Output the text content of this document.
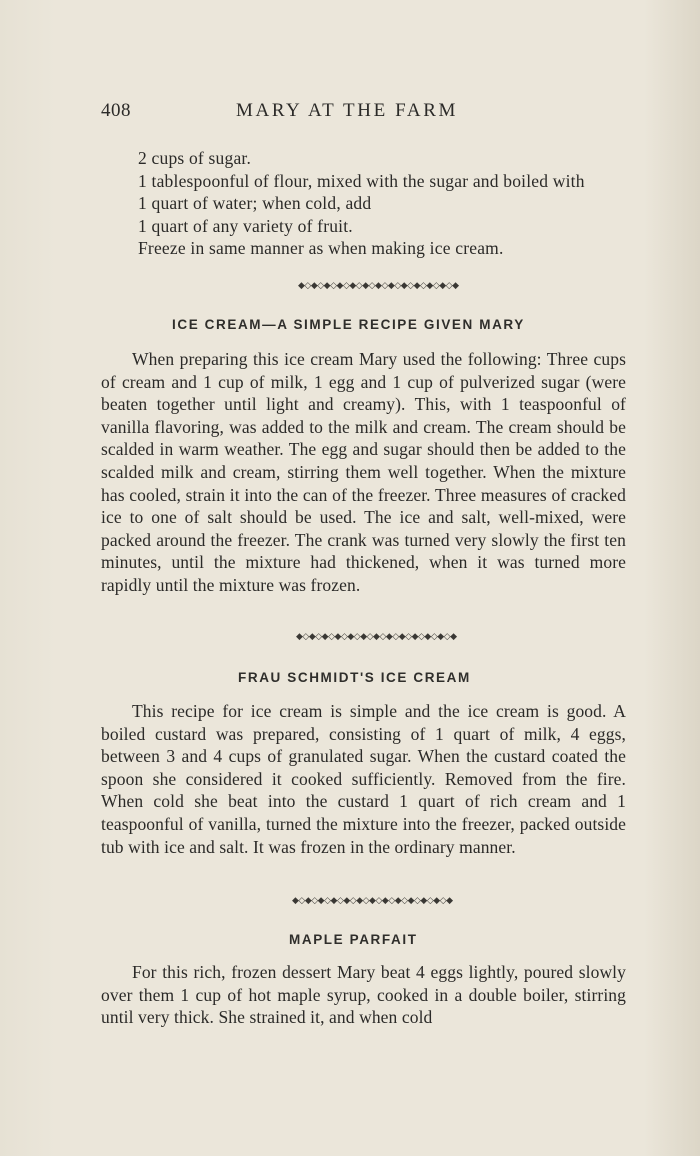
408	MARY AT THE FARM
2 cups of sugar.
1 tablespoonful of flour, mixed with the sugar and boiled with
1 quart of water; when cold, add
1 quart of any variety of fruit.
Freeze in same manner as when making ice cream.
◆◇◆◇◆◇◆◇◆◇◆◇◆◇◆◇◆◇◆◇◆◇◆◇◆
ICE CREAM—A SIMPLE RECIPE GIVEN MARY
When preparing this ice cream Mary used the following: Three cups of cream and 1 cup of milk, 1 egg and 1 cup of pulverized sugar (were beaten together until light and creamy). This, with 1 teaspoonful of vanilla flavoring, was added to the milk and cream. The cream should be scalded in warm weather. The egg and sugar should then be added to the scalded milk and cream, stirring them well together. When the mixture has cooled, strain it into the can of the freezer. Three measures of cracked ice to one of salt should be used. The ice and salt, well-mixed, were packed around the freezer. The crank was turned very slowly the first ten minutes, until the mixture had thickened, when it was turned more rapidly until the mixture was frozen.
◆◇◆◇◆◇◆◇◆◇◆◇◆◇◆◇◆◇◆◇◆◇◆◇◆
FRAU SCHMIDT'S ICE CREAM
This recipe for ice cream is simple and the ice cream is good. A boiled custard was prepared, consisting of 1 quart of milk, 4 eggs, between 3 and 4 cups of granulated sugar. When the custard coated the spoon she considered it cooked sufficiently. Removed from the fire. When cold she beat into the custard 1 quart of rich cream and 1 teaspoonful of vanilla, turned the mixture into the freezer, packed outside tub with ice and salt. It was frozen in the ordinary manner.
◆◇◆◇◆◇◆◇◆◇◆◇◆◇◆◇◆◇◆◇◆◇◆◇◆
MAPLE PARFAIT
For this rich, frozen dessert Mary beat 4 eggs lightly, poured slowly over them 1 cup of hot maple syrup, cooked in a double boiler, stirring until very thick. She strained it, and when cold
